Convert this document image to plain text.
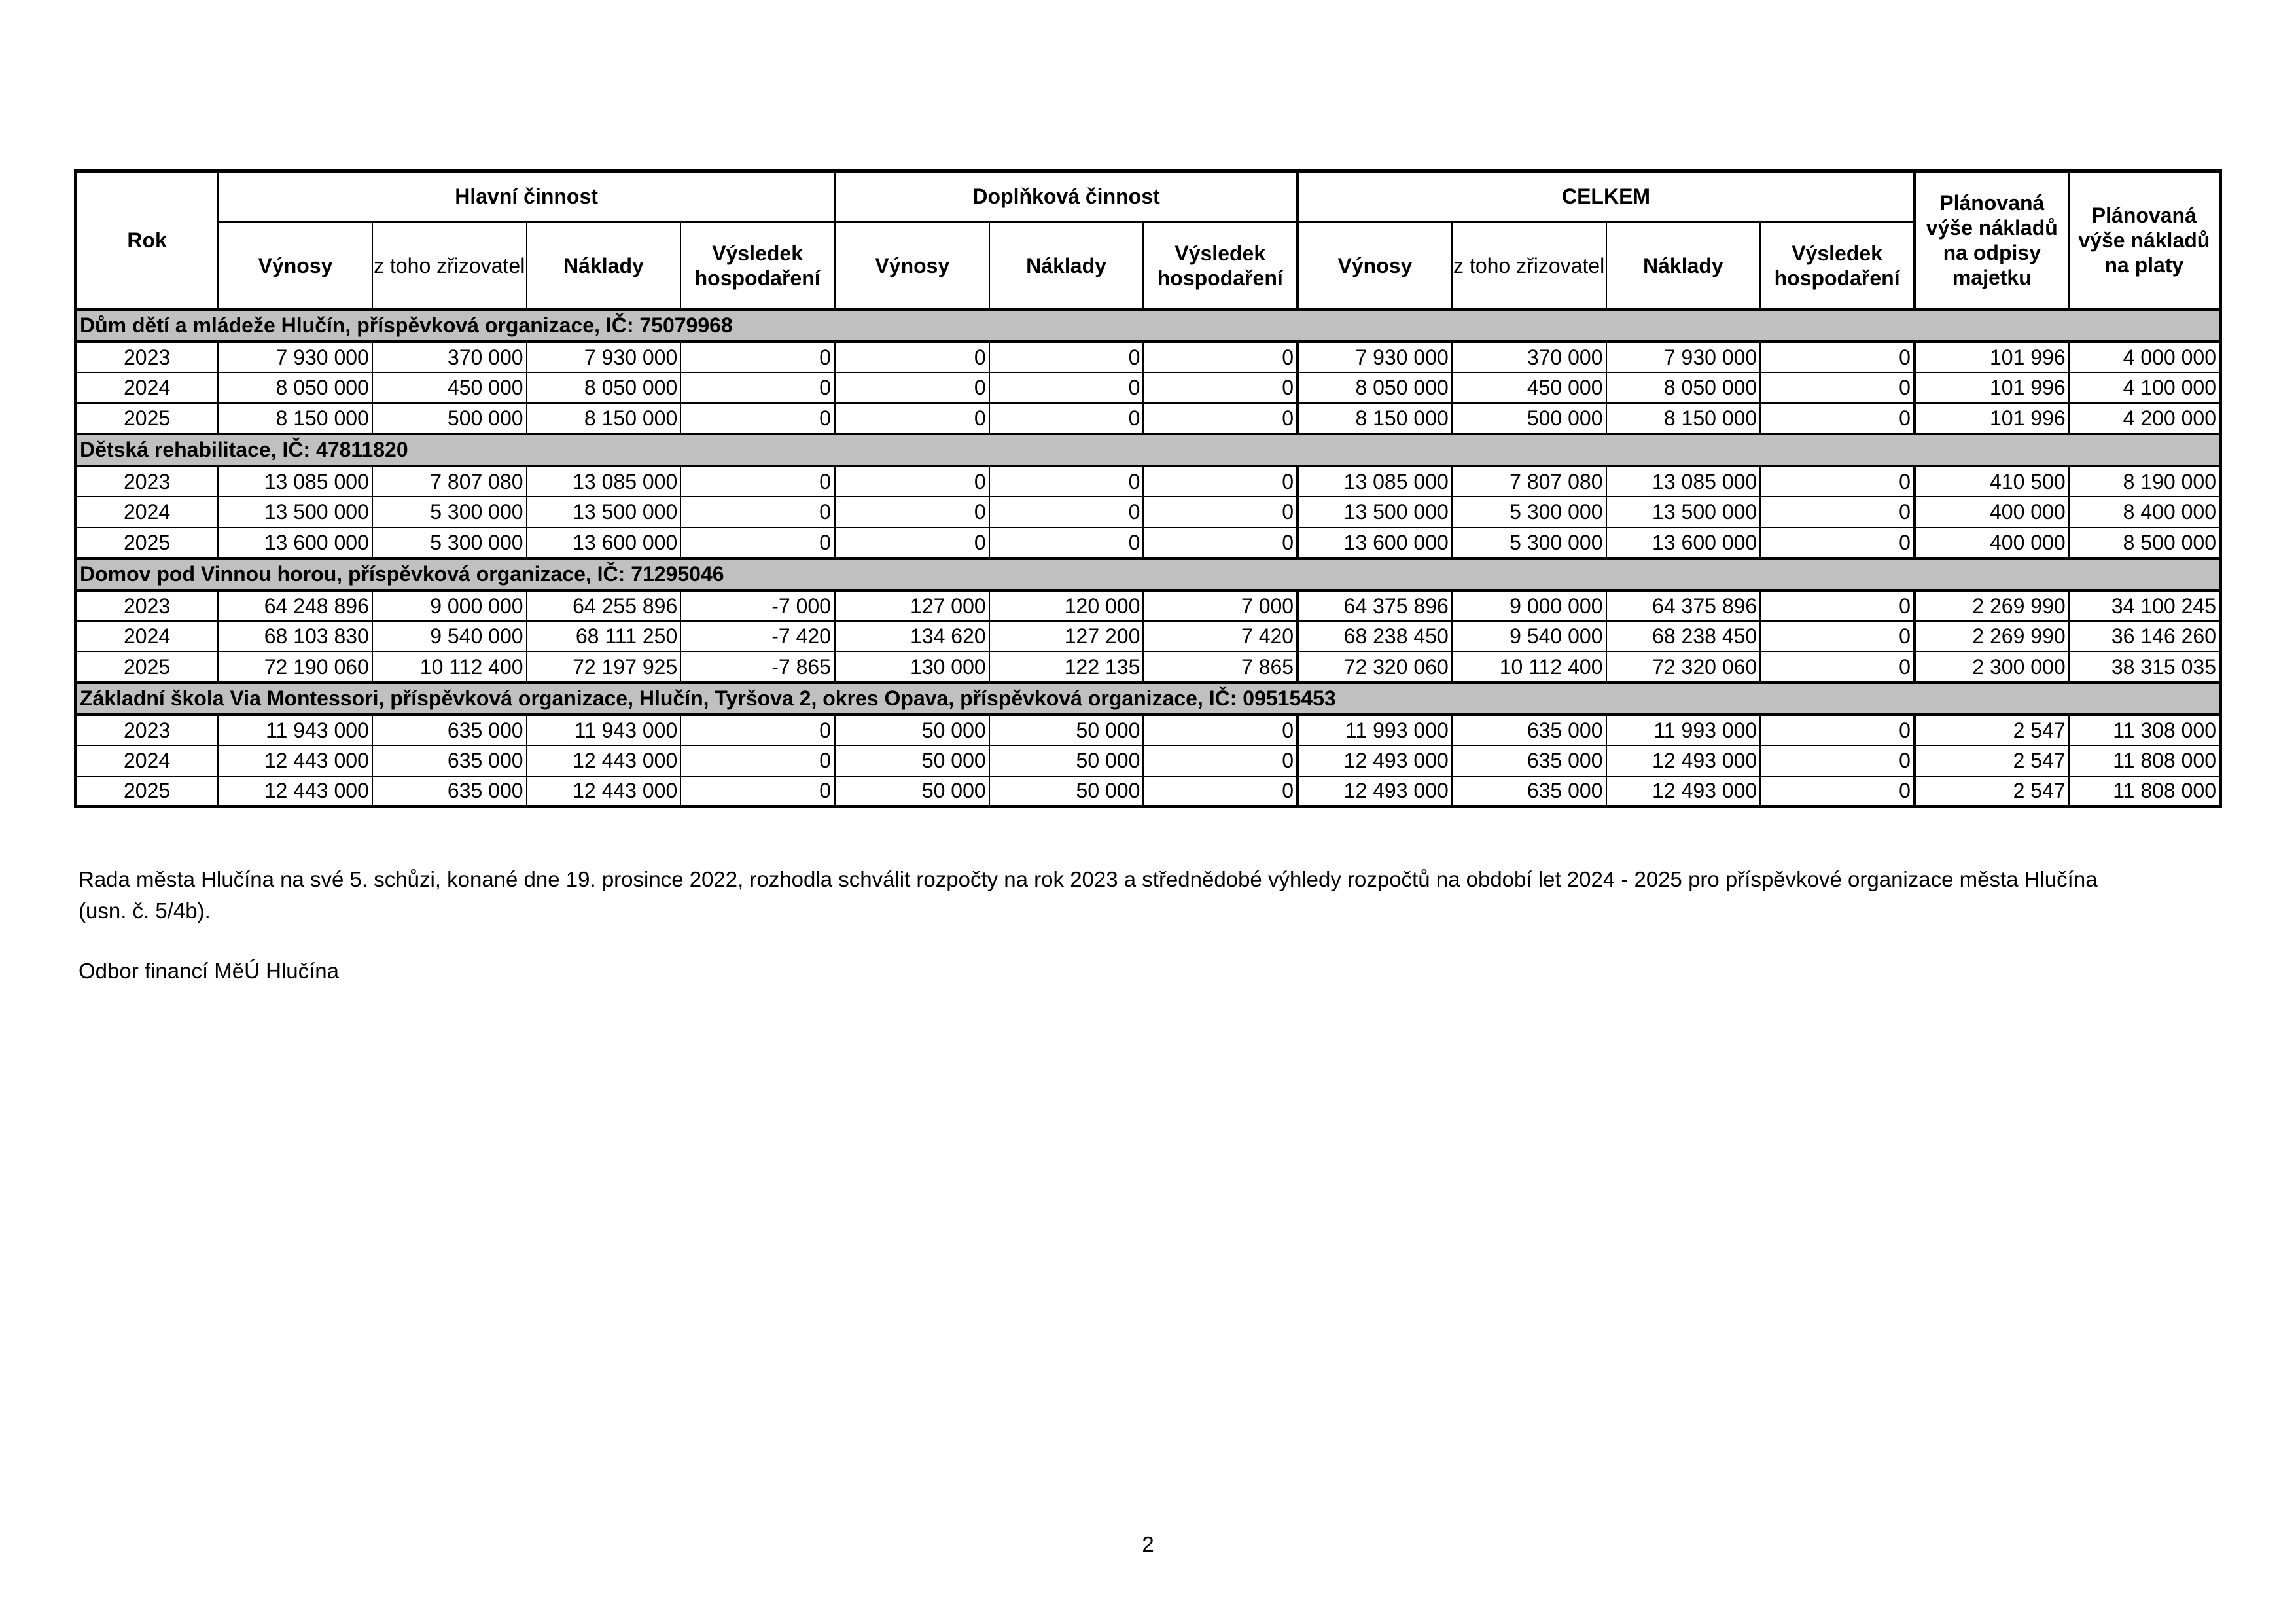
Rok	Hlavní činnost				Doplňková činnost			CELKEM				Plánovaná výše nákladů na odpisy majetku	Plánovaná výše nákladů na platy
	Výnosy	z toho zřizovatel	Náklady	Výsledek hospodaření	Výnosy	Náklady	Výsledek hospodaření	Výnosy	z toho zřizovatel	Náklady	Výsledek hospodaření		
Dům dětí a mládeže Hlučín, příspěvková organizace, IČ: 75079968													
2023	7 930 000	370 000	7 930 000	0	0	0	0	7 930 000	370 000	7 930 000	0	101 996	4 000 000
2024	8 050 000	450 000	8 050 000	0	0	0	0	8 050 000	450 000	8 050 000	0	101 996	4 100 000
2025	8 150 000	500 000	8 150 000	0	0	0	0	8 150 000	500 000	8 150 000	0	101 996	4 200 000
Dětská rehabilitace, IČ: 47811820													
2023	13 085 000	7 807 080	13 085 000	0	0	0	0	13 085 000	7 807 080	13 085 000	0	410 500	8 190 000
2024	13 500 000	5 300 000	13 500 000	0	0	0	0	13 500 000	5 300 000	13 500 000	0	400 000	8 400 000
2025	13 600 000	5 300 000	13 600 000	0	0	0	0	13 600 000	5 300 000	13 600 000	0	400 000	8 500 000
Domov pod Vinnou horou, příspěvková organizace, IČ: 71295046													
2023	64 248 896	9 000 000	64 255 896	-7 000	127 000	120 000	7 000	64 375 896	9 000 000	64 375 896	0	2 269 990	34 100 245
2024	68 103 830	9 540 000	68 111 250	-7 420	134 620	127 200	7 420	68 238 450	9 540 000	68 238 450	0	2 269 990	36 146 260
2025	72 190 060	10 112 400	72 197 925	-7 865	130 000	122 135	7 865	72 320 060	10 112 400	72 320 060	0	2 300 000	38 315 035
Základní škola Via Montessori, příspěvková organizace, Hlučín, Tyršova 2, okres Opava, příspěvková organizace, IČ: 09515453													
2023	11 943 000	635 000	11 943 000	0	50 000	50 000	0	11 993 000	635 000	11 993 000	0	2 547	11 308 000
2024	12 443 000	635 000	12 443 000	0	50 000	50 000	0	12 493 000	635 000	12 493 000	0	2 547	11 808 000
2025	12 443 000	635 000	12 443 000	0	50 000	50 000	0	12 493 000	635 000	12 493 000	0	2 547	11 808 000

Rada města Hlučína na své 5. schůzi, konané dne 19. prosince 2022, rozhodla schválit rozpočty na rok 2023 a střednědobé výhledy rozpočtů na období let 2024 - 2025 pro příspěvkové organizace města Hlučína (usn. č. 5/4b).

Odbor financí MěÚ Hlučína

2
